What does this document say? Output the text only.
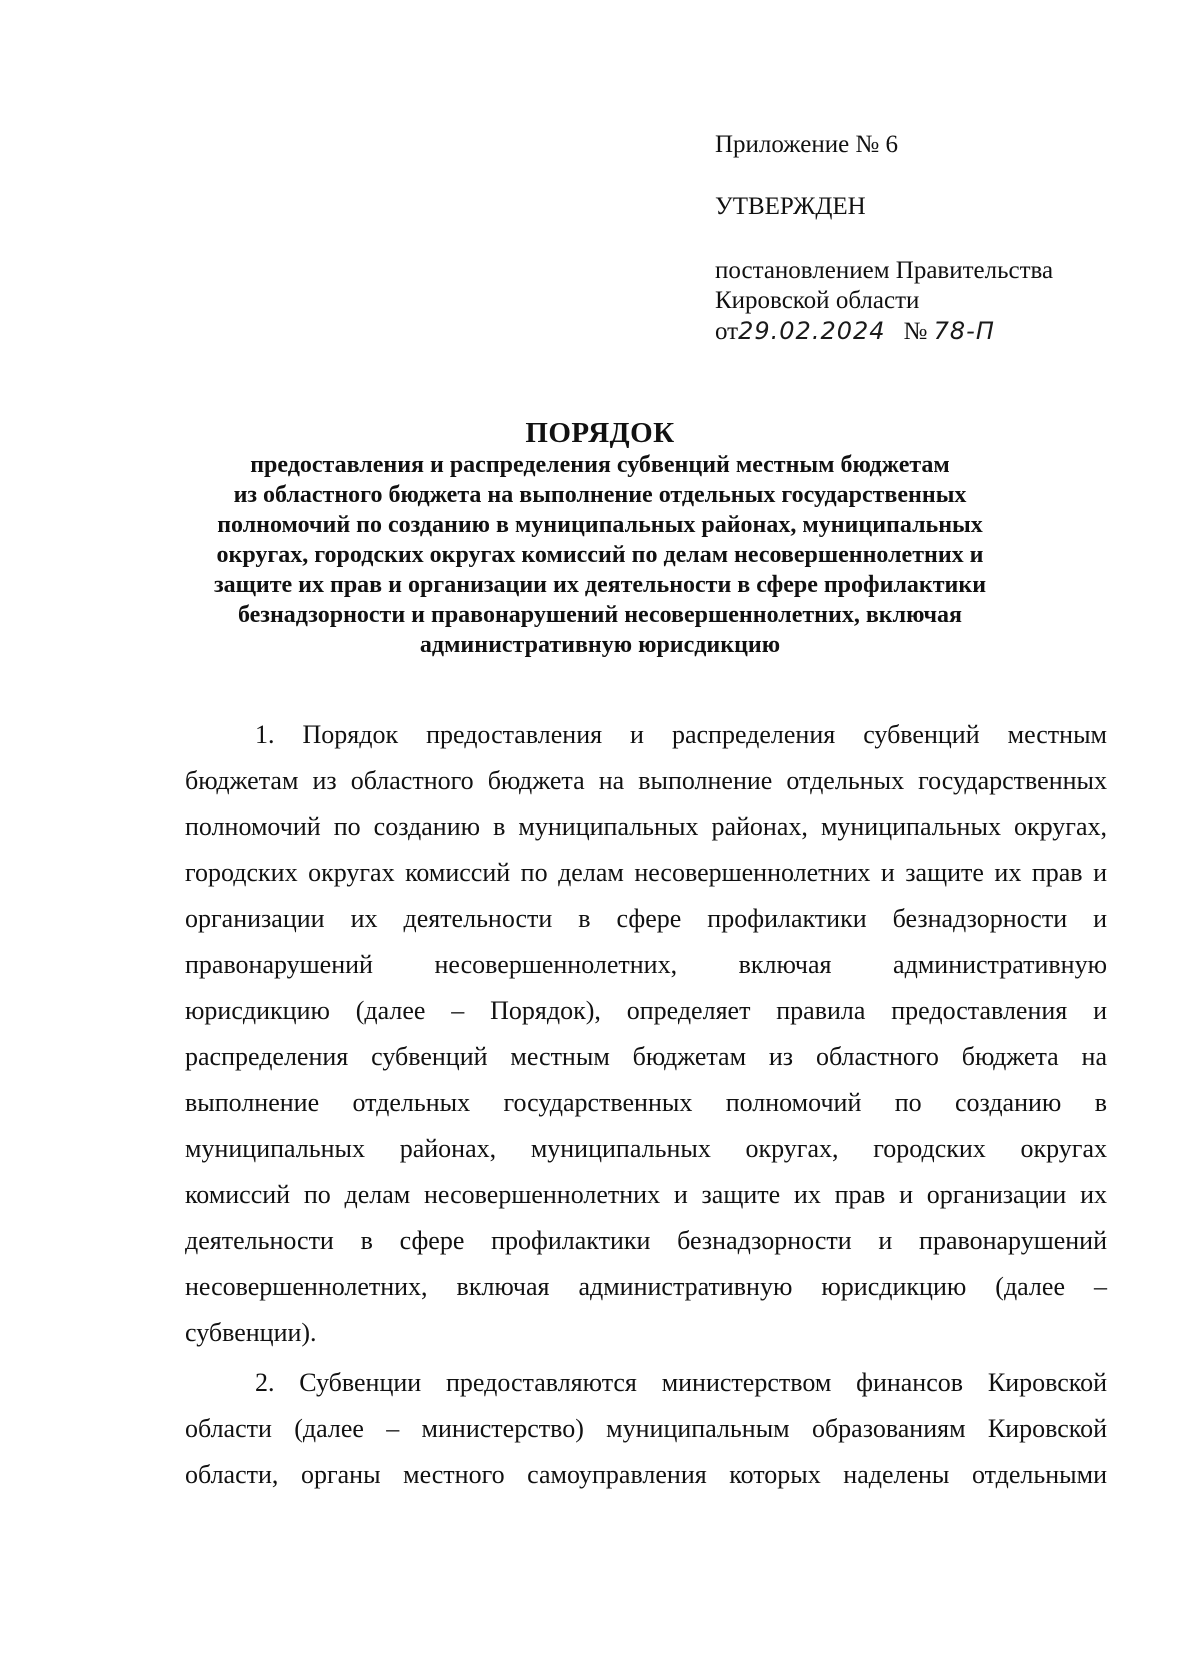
Приложение № 6
УТВЕРЖДЕН
постановлением Правительства
Кировской области
от29.02.2024 № 78-П
ПОРЯДОК
предоставления и распределения субвенций местным бюджетам
из областного бюджета на выполнение отдельных государственных
полномочий по созданию в муниципальных районах, муниципальных
округах, городских округах комиссий по делам несовершеннолетних и
защите их прав и организации их деятельности в сфере профилактики
безнадзорности и правонарушений несовершеннолетних, включая
административную юрисдикцию
1. Порядок предоставления и распределения субвенций местным
бюджетам из областного бюджета на выполнение отдельных государственных
полномочий по созданию в муниципальных районах, муниципальных округах,
городских округах комиссий по делам несовершеннолетних и защите их прав и
организации их деятельности в сфере профилактики безнадзорности и
правонарушений несовершеннолетних, включая административную
юрисдикцию (далее – Порядок), определяет правила предоставления и
распределения субвенций местным бюджетам из областного бюджета на
выполнение отдельных государственных полномочий по созданию в
муниципальных районах, муниципальных округах, городских округах
комиссий по делам несовершеннолетних и защите их прав и организации их
деятельности в сфере профилактики безнадзорности и правонарушений
несовершеннолетних, включая административную юрисдикцию (далее –
субвенции).
2. Субвенции предоставляются министерством финансов Кировской
области (далее – министерство) муниципальным образованиям Кировской
области, органы местного самоуправления которых наделены отдельными
